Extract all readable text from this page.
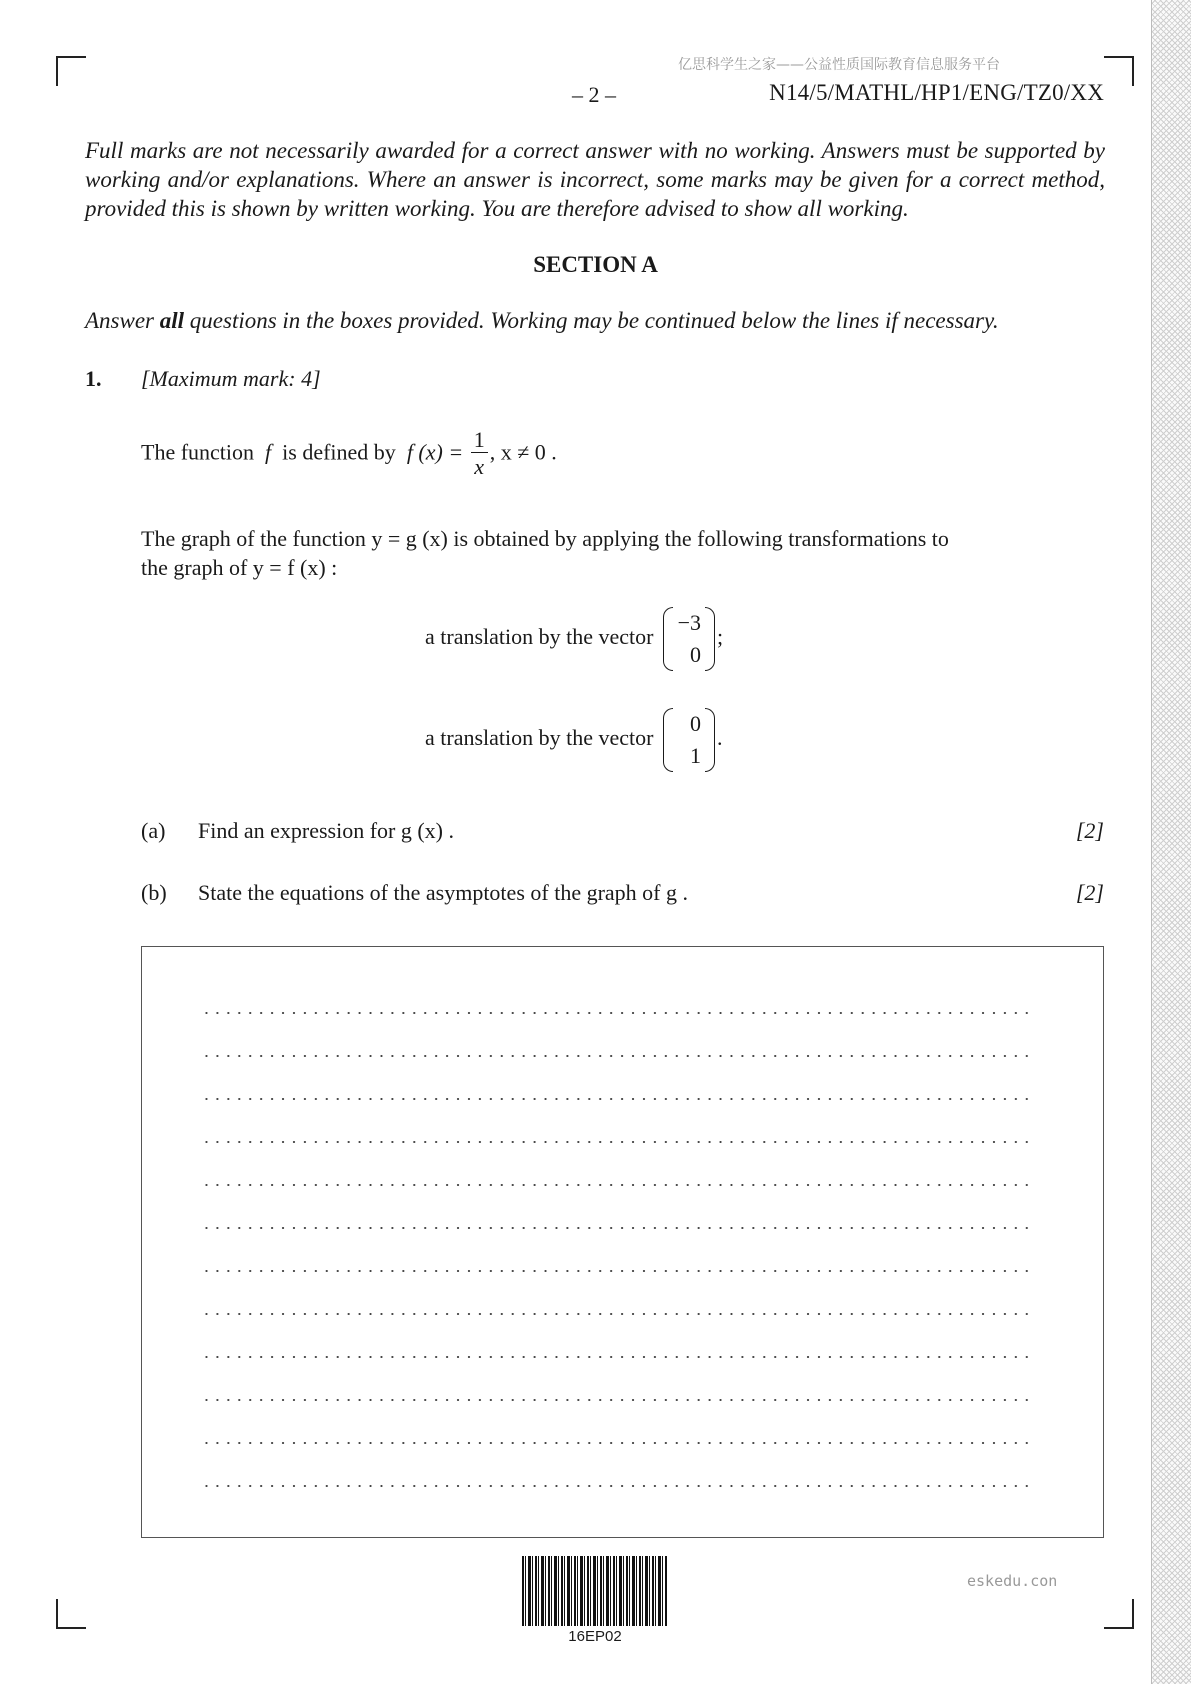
亿思科学生之家——公益性质国际教育信息服务平台
– 2 –	N14/5/MATHL/HP1/ENG/TZ0/XX
Full marks are not necessarily awarded for a correct answer with no working. Answers must be supported by working and/or explanations. Where an answer is incorrect, some marks may be given for a correct method, provided this is shown by written working. You are therefore advised to show all working.
SECTION A
Answer all questions in the boxes provided. Working may be continued below the lines if necessary.
1. [Maximum mark: 4]
The function f is defined by f $(x) = \frac{1}{x}$ , x ≠ 0 .
The graph of the function y = g (x) is obtained by applying the following transformations to
the graph of y = f (x) :
a translation by the vector
−3
0
;
a translation by the vector
0
1
.
(a) Find an expression for g (x) .	[2]
(b) State the equations of the asymptotes of the graph of g .	[2]
16EP02
eskedu.con
